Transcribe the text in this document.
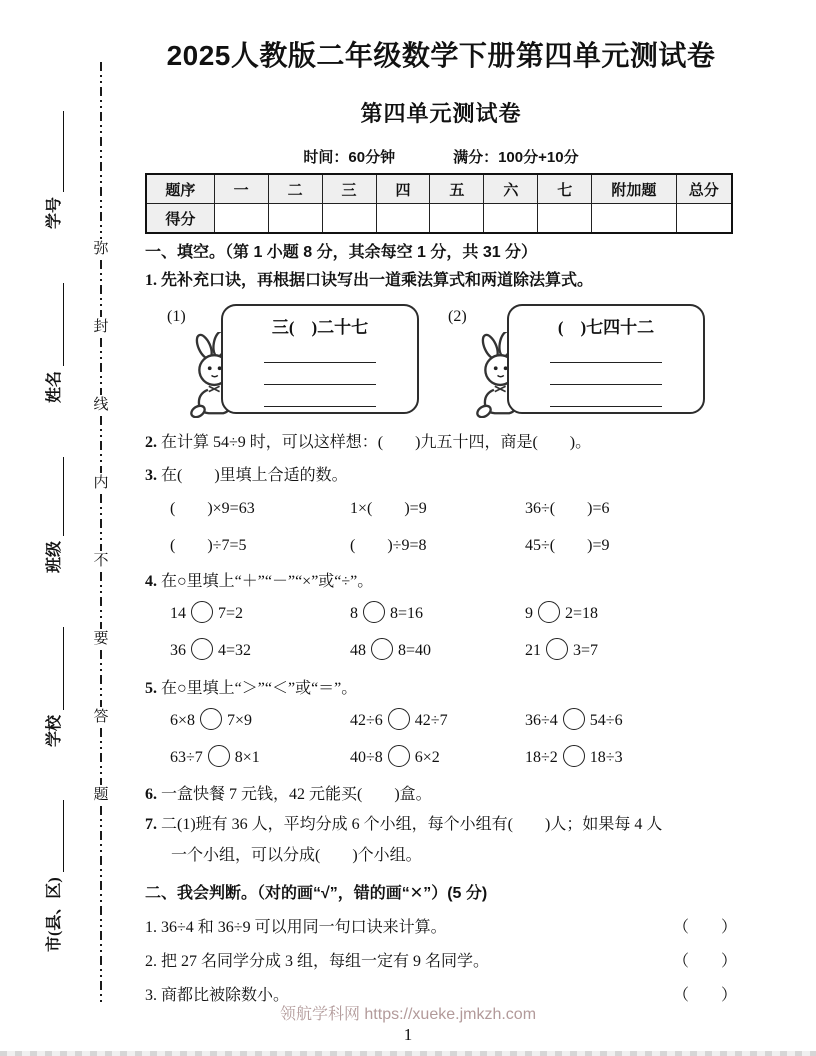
弥
封
线
内
不
要
答
题
学号
姓名
班级
学校
市(县、区)
2025人教版二年级数学下册第四单元测试卷
第四单元测试卷
时间：60分钟	满分：100分+10分
题序	一	二	三	四	五	六	七	附加题	总分
得分									
一、填空。（第 1 小题 8 分，其余每空 1 分，共 31 分）
1. 先补充口诀，再根据口诀写出一道乘法算式和两道除法算式。
(1)
三(　)二十七
(2)
(　)七四十二
2. 在计算 54÷9 时，可以这样想：(　　)九五十四，商是(　　)。
3. 在(　　)里填上合适的数。
(　　)×9=63	1×(　　)=9	36÷(　　)=6
(　　)÷7=5	(　　)÷9=8	45÷(　　)=9
4. 在○里填上“＋”“－”“×”或“÷”。
14 7=2	8 8=16	9 2=18
36 4=32	48 8=40	21 3=7
5. 在○里填上“＞”“＜”或“＝”。
6×8 7×9	42÷6 42÷7	36÷4 54÷6
63÷7 8×1	40÷8 6×2	18÷2 18÷3
6. 一盒快餐 7 元钱，42 元能买(　　)盒。
7. 二(1)班有 36 人，平均分成 6 个小组，每个小组有(　　)人；如果每 4 人
一个小组，可以分成(　　)个小组。
二、我会判断。（对的画“√”，错的画“✕”）(5 分)
1. 36÷4 和 36÷9 可以用同一句口诀来计算。	（　　）
2. 把 27 名同学分成 3 组，每组一定有 9 名同学。	（　　）
3. 商都比被除数小。	（　　）
领航学科网 https://xueke.jmkzh.com
1
